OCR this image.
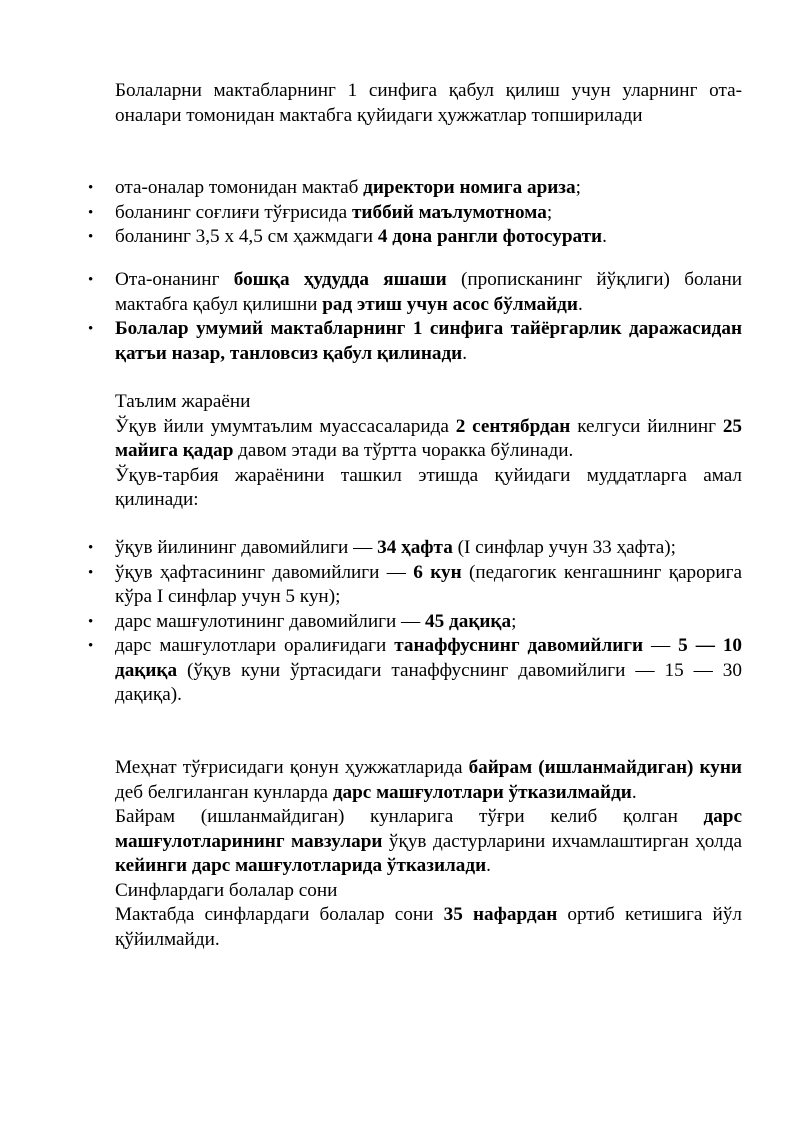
Болаларни мактабларнинг 1 синфига қабул қилиш учун уларнинг ота-оналари томонидан мактабга қуйидаги ҳужжатлар топширилади

• ота-оналар томонидан мактаб директори номига ариза;
• боланинг соғлиғи тўғрисида тиббий маълумотнома;
• боланинг 3,5 х 4,5 см ҳажмдаги 4 дона рангли фотосурати.
• Ота-онанинг бошқа ҳудудда яшаши (прописканинг йўқлиги) болани мактабга қабул қилишни рад этиш учун асос бўлмайди.
• Болалар умумий мактабларнинг 1 синфига тайёргарлик даражасидан қатъи назар, танловсиз қабул қилинади.

Таълим жараёни

Ўқув йили умумтаълим муассасаларида 2 сентябрдан келгуси йилнинг 25 майига қадар давом этади ва тўртта чоракка бўлинади.

Ўқув-тарбия жараёнини ташкил этишда қуйидаги муддатларга амал қилинади:

• ўқув йилининг давомийлиги — 34 ҳафта (I синфлар учун 33 ҳафта);
• ўқув ҳафтасининг давомийлиги — 6 кун (педагогик кенгашнинг қарорига кўра I синфлар учун 5 кун);
• дарс машғулотининг давомийлиги — 45 дақиқа;
• дарс машғулотлари оралиғидаги танаффуснинг давомийлиги — 5 — 10 дақиқа (ўқув куни ўртасидаги танаффуснинг давомийлиги — 15 — 30 дақиқа).

Меҳнат тўғрисидаги қонун ҳужжатларида байрам (ишланмайдиган) куни деб белгиланган кунларда дарс машғулотлари ўтказилмайди.

Байрам (ишланмайдиган) кунларига тўғри келиб қолган дарс машғулотларининг мавзулари ўқув дастурларини ихчамлаштирган ҳолда кейинги дарс машғулотларида ўтказилади.

Синфлардаги болалар сони

Мактабда синфлардаги болалар сони 35 нафардан ортиб кетишига йўл қўйилмайди.
